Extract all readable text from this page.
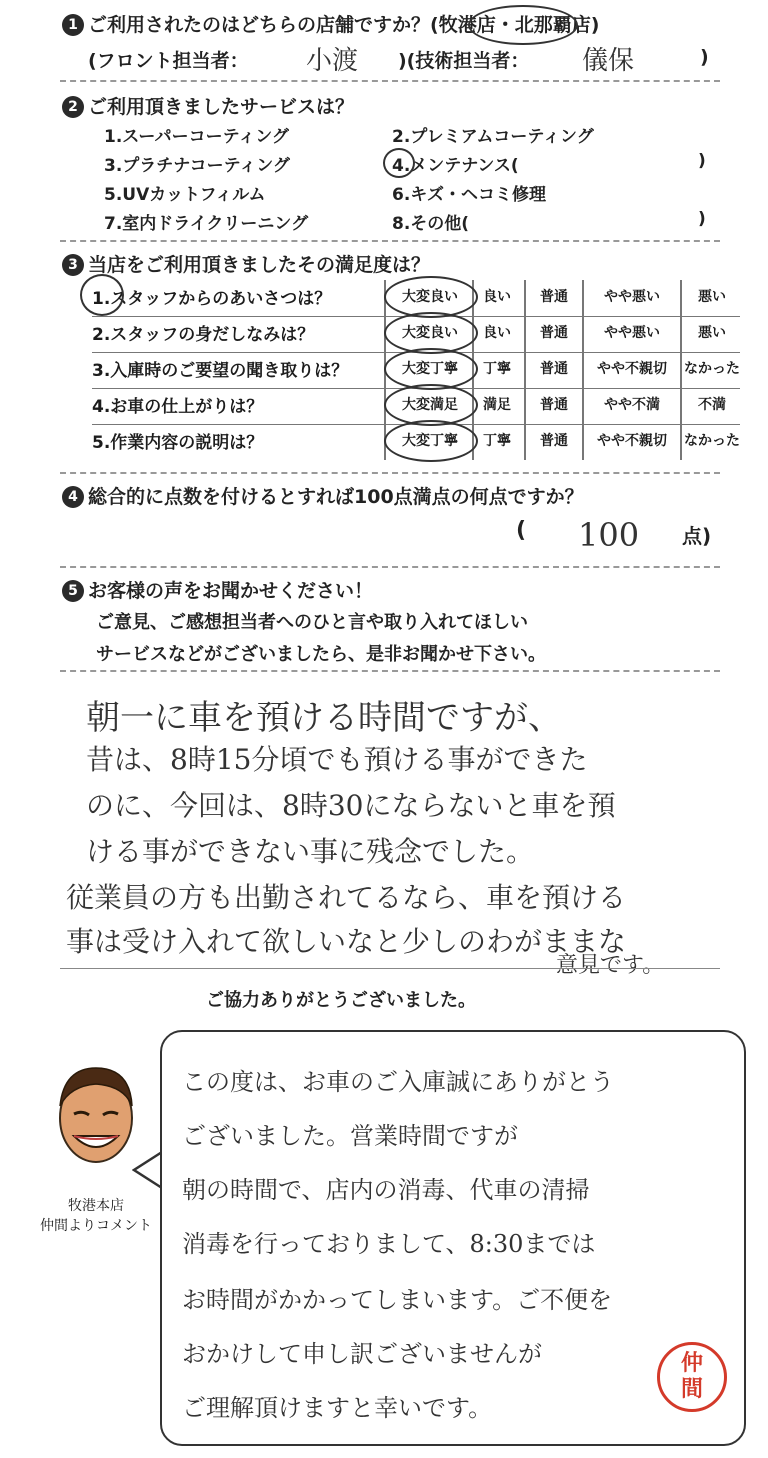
1 ご利用されたのはどちらの店舗ですか？(牧港店・北那覇店)
(フロント担当者： 小渡 )(技術担当者： 儀保	)
2 ご利用頂きましたサービスは？
1.スーパーコーティング	2.プレミアムコーティング
3.プラチナコーティング	4.メンテナンス(	)
5.UVカットフィルム	6.キズ・ヘコミ修理
7.室内ドライクリーニング	8.その他(	)
3 当店をご利用頂きましたその満足度は？
1.スタッフからのあいさつは？	大変良い	良い	普通	やや悪い	悪い
2.スタッフの身だしなみは？	大変良い	良い	普通	やや悪い	悪い
3.入庫時のご要望の聞き取りは？	大変丁寧	丁寧	普通	やや不親切	なかった
4.お車の仕上がりは？	大変満足	満足	普通	やや不満	不満
5.作業内容の説明は？	大変丁寧	丁寧	普通	やや不親切	なかった
4 総合的に点数を付けるとすれば100点満点の何点ですか？
( 100 点)
5 お客様の声をお聞かせください！
ご意見、ご感想担当者へのひと言や取り入れてほしい
サービスなどがございましたら、是非お聞かせ下さい。
朝一に車を預ける時間ですが、
昔は、8時15分頃でも預ける事ができた
のに、今回は、8時30にならないと車を預
ける事ができない事に残念でした。
従業員の方も出勤されてるなら、車を預ける
事は受け入れて欲しいなと少しのわがままな
意見です。
ご協力ありがとうございました。
牧港本店
仲間よりコメント
この度は、お車のご入庫誠にありがとう
ございました。営業時間ですが
朝の時間で、店内の消毒、代車の清掃
消毒を行っておりまして、8:30までは
お時間がかかってしまいます。ご不便を
おかけして申し訳ございませんが
ご理解頂けますと幸いです。
仲間
